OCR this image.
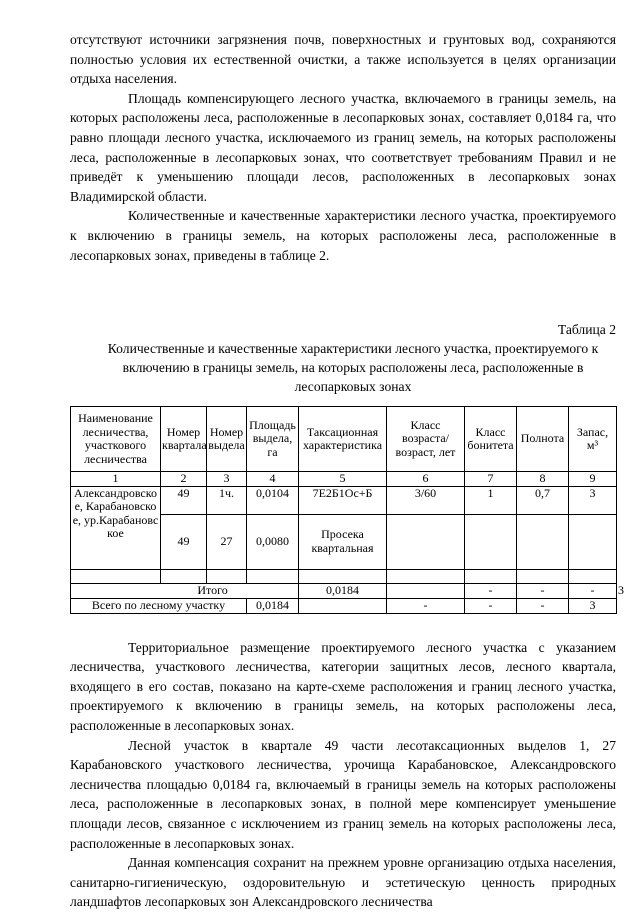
отсутствуют источники загрязнения почв, поверхностных и грунтовых вод, сохраняются полностью условия их естественной очистки, а также используется в целях организации отдыха населения.

Площадь компенсирующего лесного участка, включаемого в границы земель, на которых расположены леса, расположенные в лесопарковых зонах, составляет 0,0184 га, что равно площади лесного участка, исключаемого из границ земель, на которых расположены леса, расположенные в лесопарковых зонах, что соответствует требованиям Правил и не приведёт к уменьшению площади лесов, расположенных в лесопарковых зонах Владимирской области.

Количественные и качественные характеристики лесного участка, проектируемого к включению в границы земель, на которых расположены леса, расположенные в лесопарковых зонах, приведены в таблице 2.

Таблица 2

Количественные и качественные характеристики лесного участка, проектируемого к включению в границы земель, на которых расположены леса, расположенные в лесопарковых зонах

Наименование лесничества, участкового лесничества	Номер квартала	Номер выдела	Площадь выдела, га	Таксационная характеристика	Класс возраста/ возраст, лет	Класс бонитета	Полнота	Запас, м³	
1	2	3	4	5	6	7	8	9	
Александровское, Карабановское, ур.Карабановское	49	1ч.	0,0104	7Е2Б1Ос+Б	3/60	1	0,7	3	
	49	27	0,0080	Просека квартальная					

Итого				0,0184		-	-	-	3
Всего по лесному участку			0,0184		-	-	-	3	

Территориальное размещение проектируемого лесного участка с указанием лесничества, участкового лесничества, категории защитных лесов, лесного квартала, входящего в его состав, показано на карте-схеме расположения и границ лесного участка, проектируемого к включению в границы земель, на которых расположены леса, расположенные в лесопарковых зонах.

Лесной участок в квартале 49 части лесотаксационных выделов 1, 27 Карабановского участкового лесничества, урочища Карабановское, Александровского лесничества площадью 0,0184 га, включаемый в границы земель на которых расположены леса, расположенные в лесопарковых зонах, в полной мере компенсирует уменьшение площади лесов, связанное с исключением из границ земель на которых расположены леса, расположенные в лесопарковых зонах.

Данная компенсация сохранит на прежнем уровне организацию отдыха населения, санитарно-гигиеническую, оздоровительную и эстетическую ценность природных ландшафтов лесопарковых зон Александровского лесничества
